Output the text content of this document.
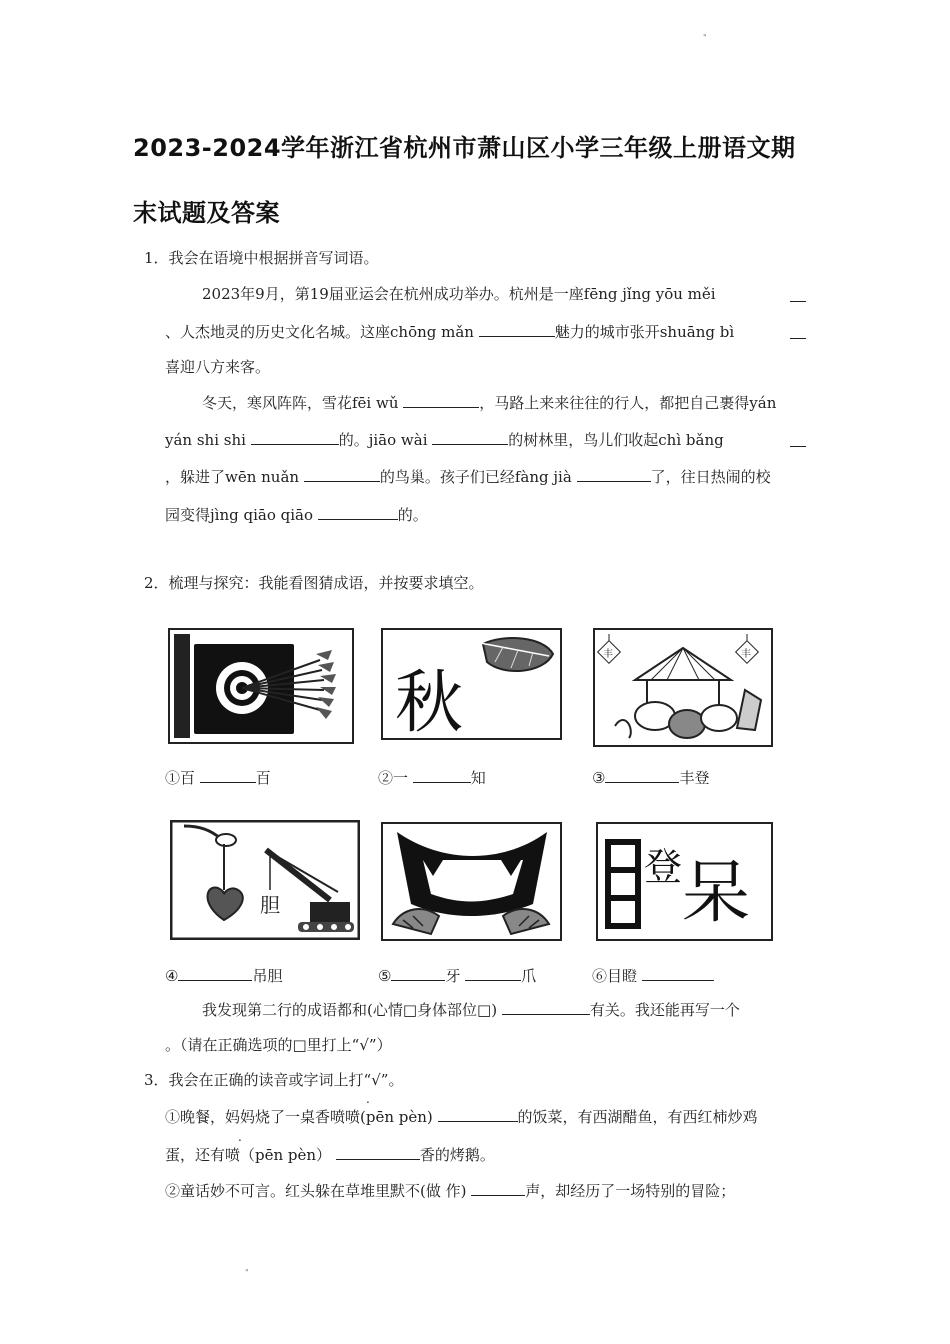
"
2023-2024学年浙江省杭州市萧山区小学三年级上册语文期
末试题及答案
1．我会在语境中根据拼音写词语。
2023年9月，第19届亚运会在杭州成功举办。杭州是一座fēng jǐng yōu měi
、人杰地灵的历史文化名城。这座chōng mǎn	魅力的城市张开shuāng bì
喜迎八方来客。
冬天，寒风阵阵，雪花fēi wǔ	，马路上来来往往的行人，都把自己裹得yán
yán shi shi	的。jiāo wài	的树林里，鸟儿们收起chì bǎng
，躲进了wēn nuǎn	的鸟巢。孩子们已经fàng jià	了，往日热闹的校
园变得jìng qiāo qiāo	的。
2．梳理与探究：我能看图猜成语，并按要求填空。
秋
丰	丰
①百	百	②一	知	③	丰登
胆
登 呆
④	吊胆	⑤	牙	爪	⑥目瞪
我发现第二行的成语都和(心情□身体部位□)	有关。我还能再写一个
。（请在正确选项的□里打上“√”）
3．我会在正确的读音或字词上打“√”。
.
①晚餐，妈妈烧了一桌香喷喷(pēn pèn)	的饭菜，有西湖醋鱼，有西红柿炒鸡
.
蛋，还有喷（pēn pèn）	香的烤鹅。
②童话妙不可言。红头躲在草堆里默不(做 作)	声，却经历了一场特别的冒险；
"
